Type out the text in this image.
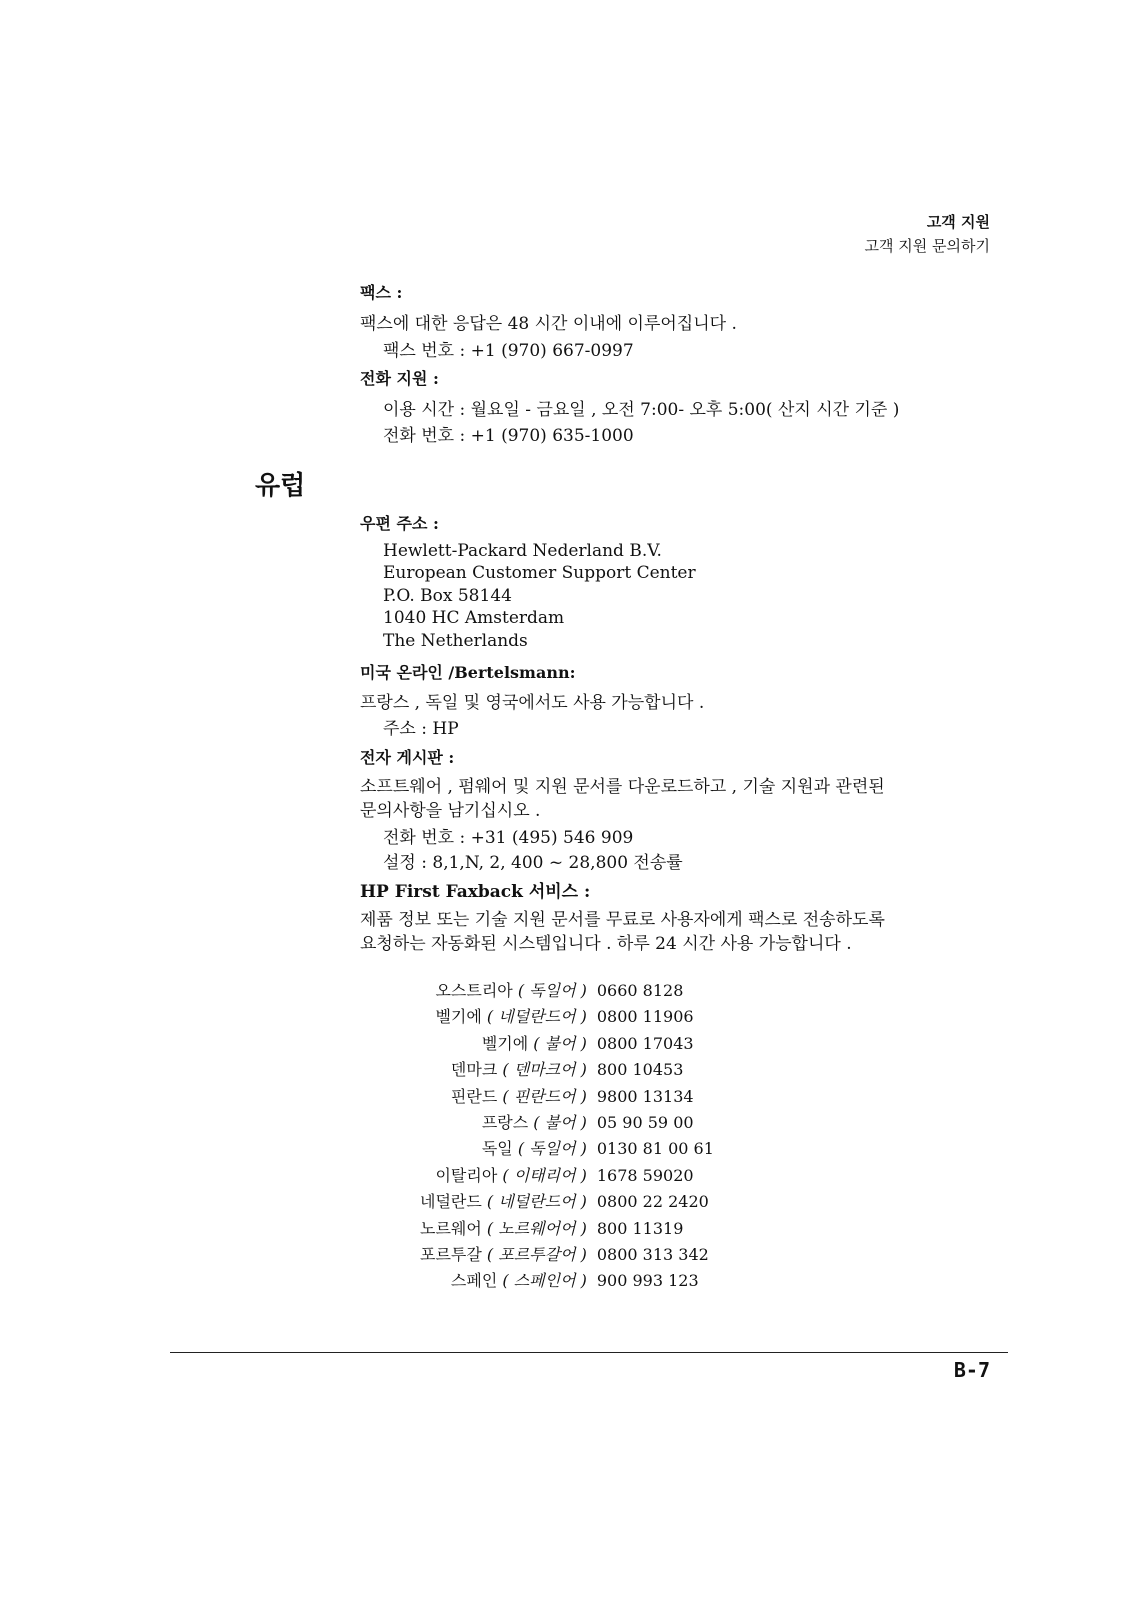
고객 지원
고객 지원 문의하기
팩스 :
팩스에 대한 응답은 48 시간 이내에 이루어집니다 .
팩스 번호 : +1 (970) 667-0997
전화 지원 :
이용 시간 : 월요일 - 금요일 , 오전 7:00- 오후 5:00( 산지 시간 기준 )
전화 번호 : +1 (970) 635-1000
유럽
우편 주소 :
Hewlett-Packard Nederland B.V.
European Customer Support Center
P.O. Box 58144
1040 HC Amsterdam
The Netherlands
미국 온라인 /Bertelsmann:
프랑스 , 독일 및 영국에서도 사용 가능합니다 .
주소 : HP
전자 게시판 :
소프트웨어 , 펌웨어 및 지원 문서를 다운로드하고 , 기술 지원과 관련된
문의사항을 남기십시오 .
전화 번호 : +31 (495) 546 909
설정 : 8,1,N, 2, 400 ~ 28,800 전송률
HP First Faxback 서비스 :
제품 정보 또는 기술 지원 문서를 무료로 사용자에게 팩스로 전송하도록
요청하는 자동화된 시스템입니다 . 하루 24 시간 사용 가능합니다 .
오스트리아 ( 독일어 )	0660 8128
벨기에 ( 네덜란드어 )	0800 11906
벨기에 ( 불어 )	0800 17043
덴마크 ( 덴마크어 )	800 10453
핀란드 ( 핀란드어 )	9800 13134
프랑스 ( 불어 )	05 90 59 00
독일 ( 독일어 )	0130 81 00 61
이탈리아 ( 이태리어 )	1678 59020
네덜란드 ( 네덜란드어 )	0800 22 2420
노르웨어 ( 노르웨어어 )	800 11319
포르투갈 ( 포르투갈어 )	0800 313 342
스페인 ( 스페인어 )	900 993 123
B-7
